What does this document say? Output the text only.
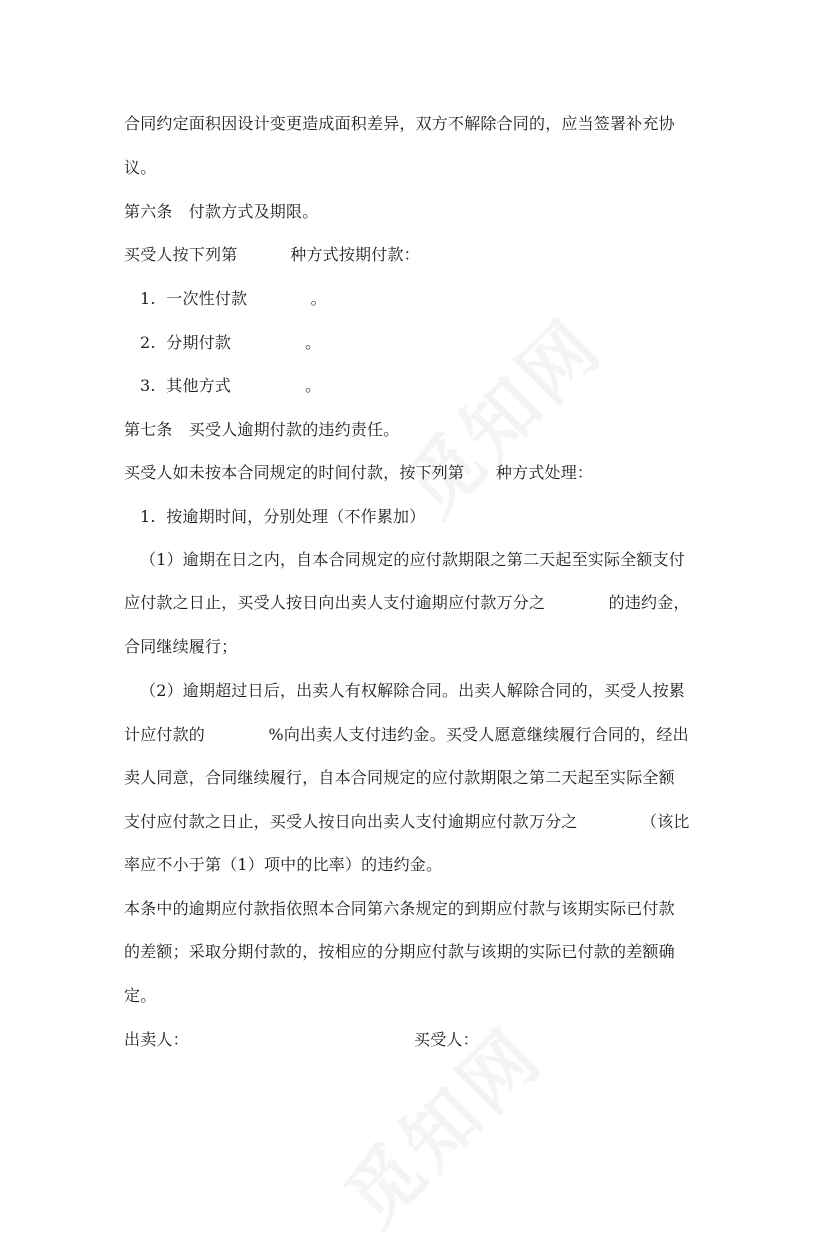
合同约定面积因设计变更造成面积差异，双方不解除合同的，应当签署补充协
议。
第六条　付款方式及期限。
买受人按下列第          种方式按期付款：
1.  一次性付款            。
2.  分期付款              。
3.  其他方式              。
第七条　买受人逾期付款的违约责任。
买受人如未按本合同规定的时间付款，按下列第      种方式处理：
1.  按逾期时间，分别处理（不作累加）
（1）逾期在日之内，自本合同规定的应付款期限之第二天起至实际全额支付
应付款之日止，买受人按日向出卖人支付逾期应付款万分之            的违约金，
合同继续履行；
（2）逾期超过日后，出卖人有权解除合同。出卖人解除合同的，买受人按累
计应付款的            %向出卖人支付违约金。买受人愿意继续履行合同的，经出
卖人同意，合同继续履行，自本合同规定的应付款期限之第二天起至实际全额
支付应付款之日止，买受人按日向出卖人支付逾期应付款万分之            （该比
率应不小于第（1）项中的比率）的违约金。
本条中的逾期应付款指依照本合同第六条规定的到期应付款与该期实际已付款
的差额；采取分期付款的，按相应的分期应付款与该期的实际已付款的差额确
定。
出卖人：	买受人：
